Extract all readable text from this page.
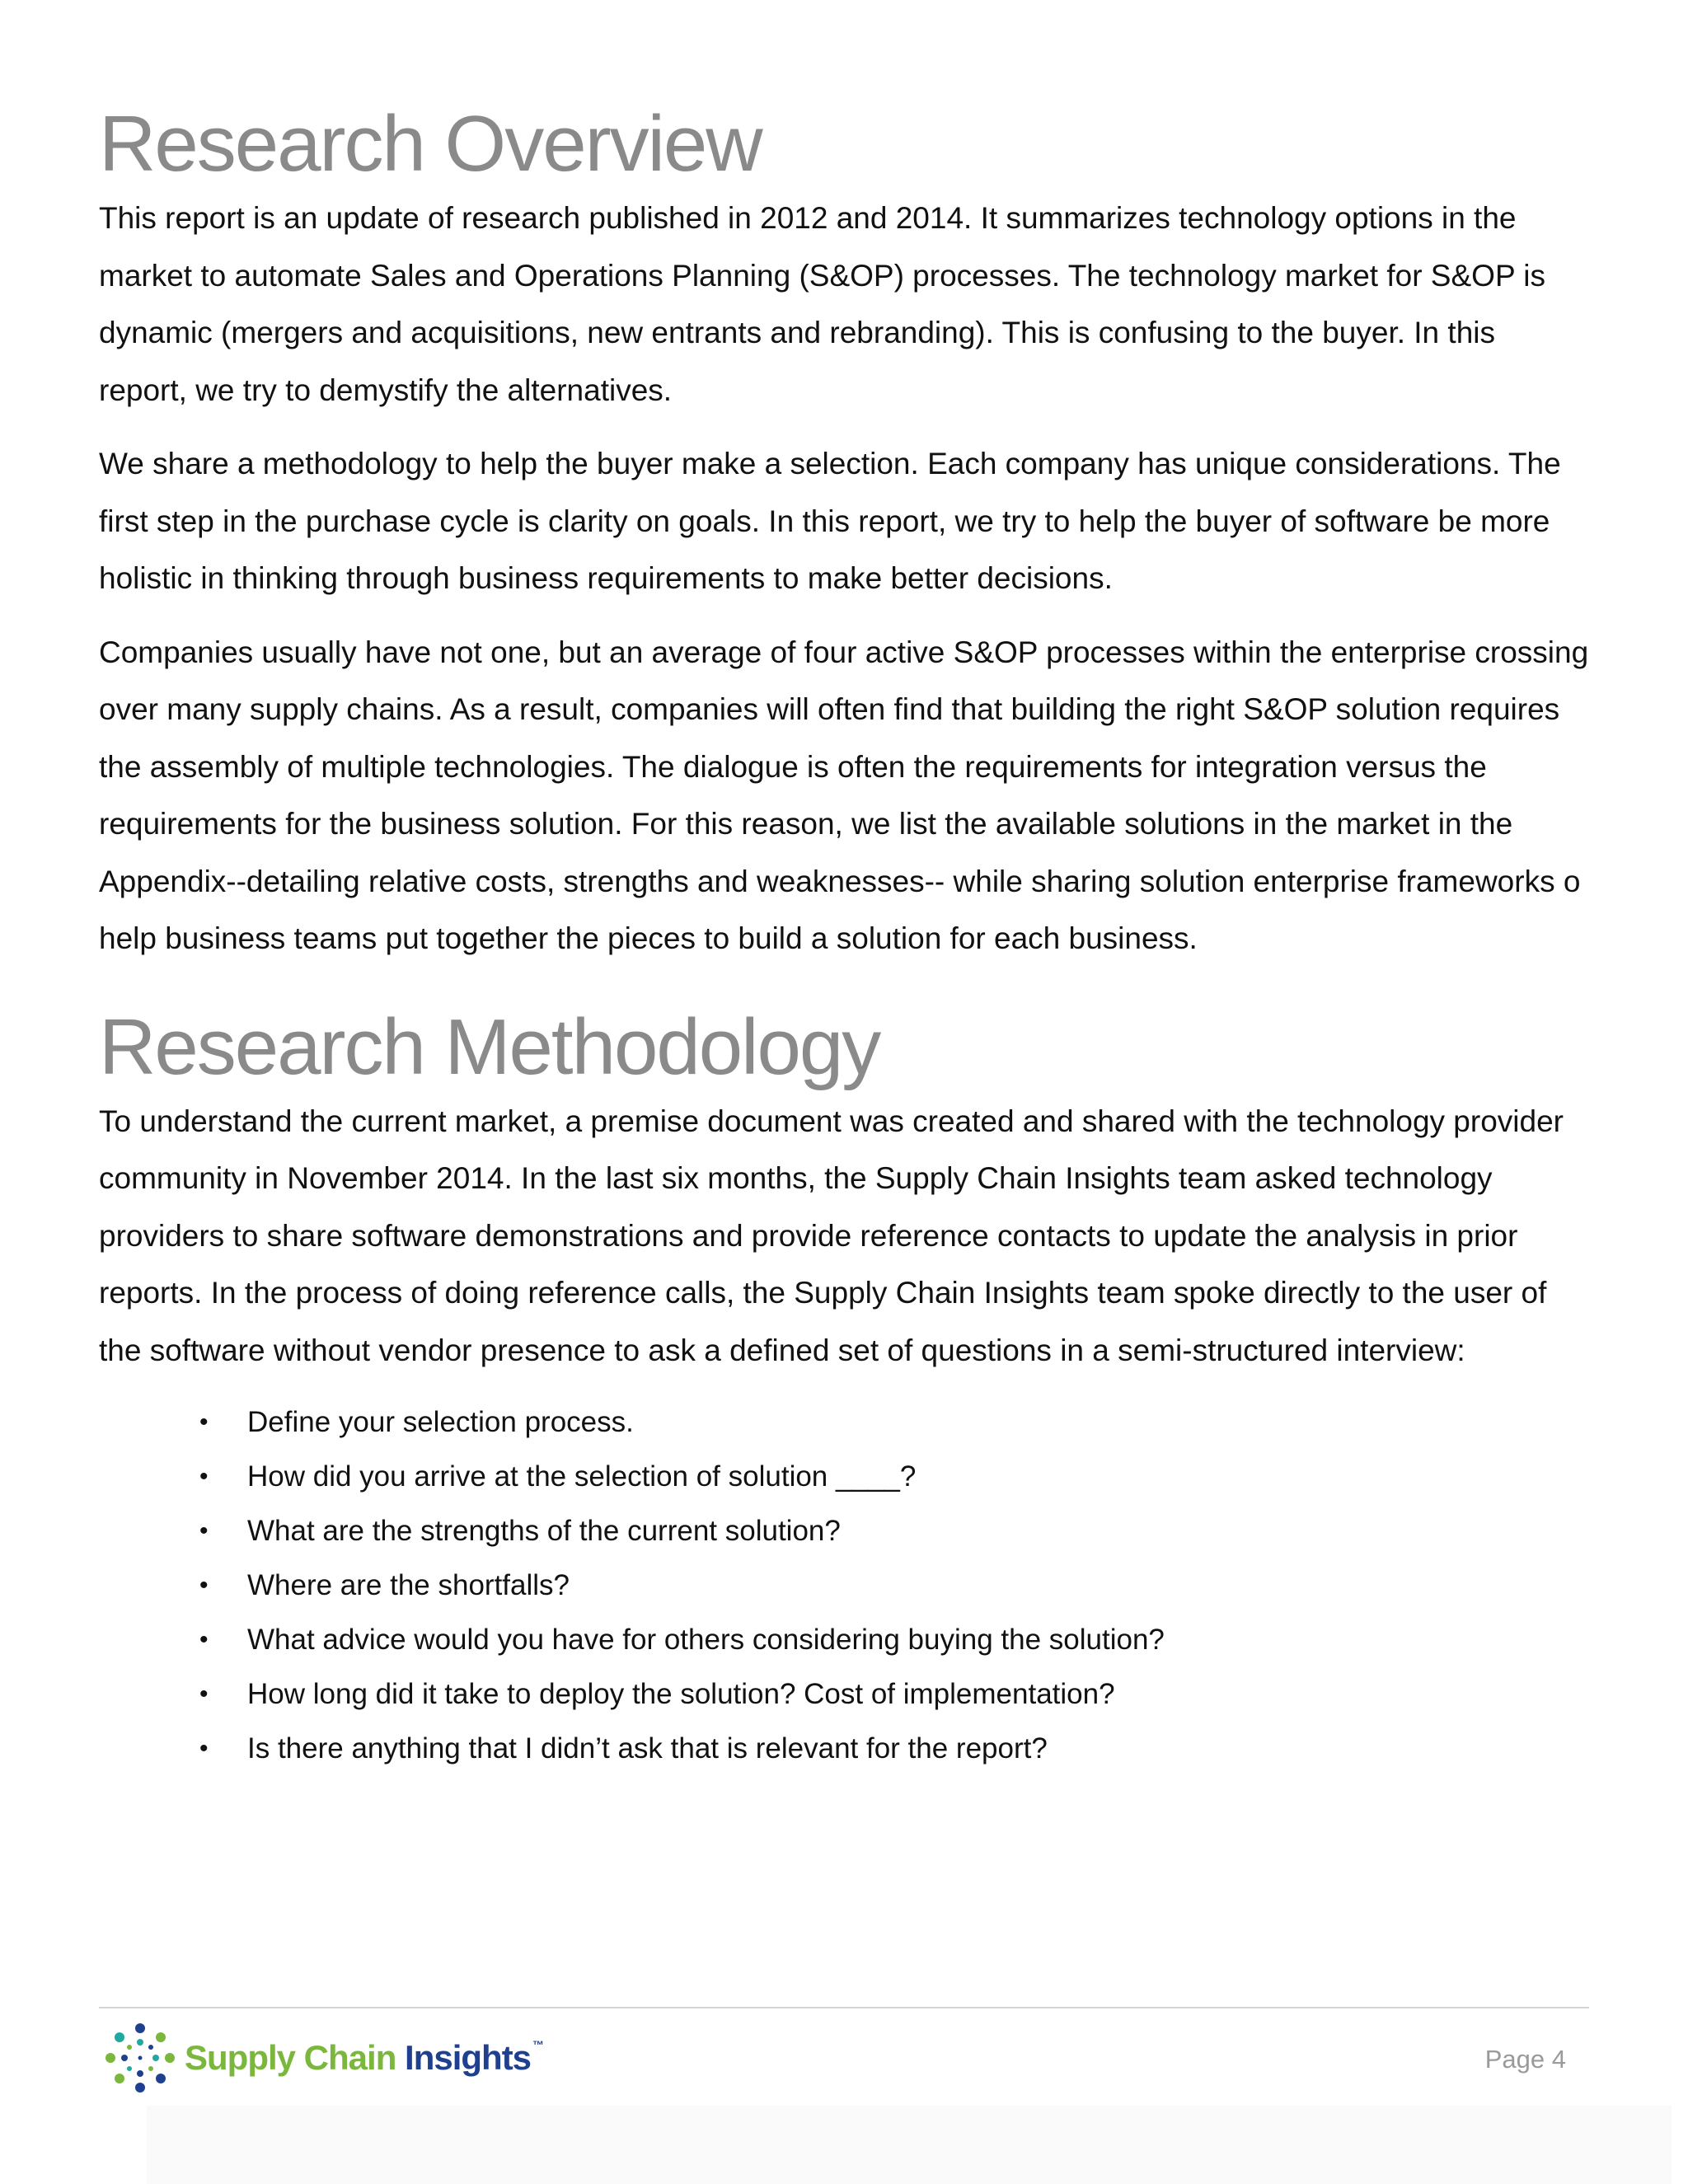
Research Overview

This report is an update of research published in 2012 and 2014. It summarizes technology options in the market to automate Sales and Operations Planning (S&OP) processes. The technology market for S&OP is dynamic (mergers and acquisitions, new entrants and rebranding). This is confusing to the buyer. In this report, we try to demystify the alternatives.

We share a methodology to help the buyer make a selection. Each company has unique considerations. The first step in the purchase cycle is clarity on goals. In this report, we try to help the buyer of software be more holistic in thinking through business requirements to make better decisions.

Companies usually have not one, but an average of four active S&OP processes within the enterprise crossing over many supply chains. As a result, companies will often find that building the right S&OP solution requires the assembly of multiple technologies. The dialogue is often the requirements for integration versus the requirements for the business solution. For this reason, we list the available solutions in the market in the Appendix--detailing relative costs, strengths and weaknesses-- while sharing solution enterprise frameworks o help business teams put together the pieces to build a solution for each business.

Research Methodology

To understand the current market, a premise document was created and shared with the technology provider community in November 2014. In the last six months, the Supply Chain Insights team asked technology providers to share software demonstrations and provide reference contacts to update the analysis in prior reports. In the process of doing reference calls, the Supply Chain Insights team spoke directly to the user of the software without vendor presence to ask a defined set of questions in a semi-structured interview:

• Define your selection process.
• How did you arrive at the selection of solution ____?
• What are the strengths of the current solution?
• Where are the shortfalls?
• What advice would you have for others considering buying the solution?
• How long did it take to deploy the solution? Cost of implementation?
• Is there anything that I didn’t ask that is relevant for the report?
Supply Chain Insights ™	Page 4
